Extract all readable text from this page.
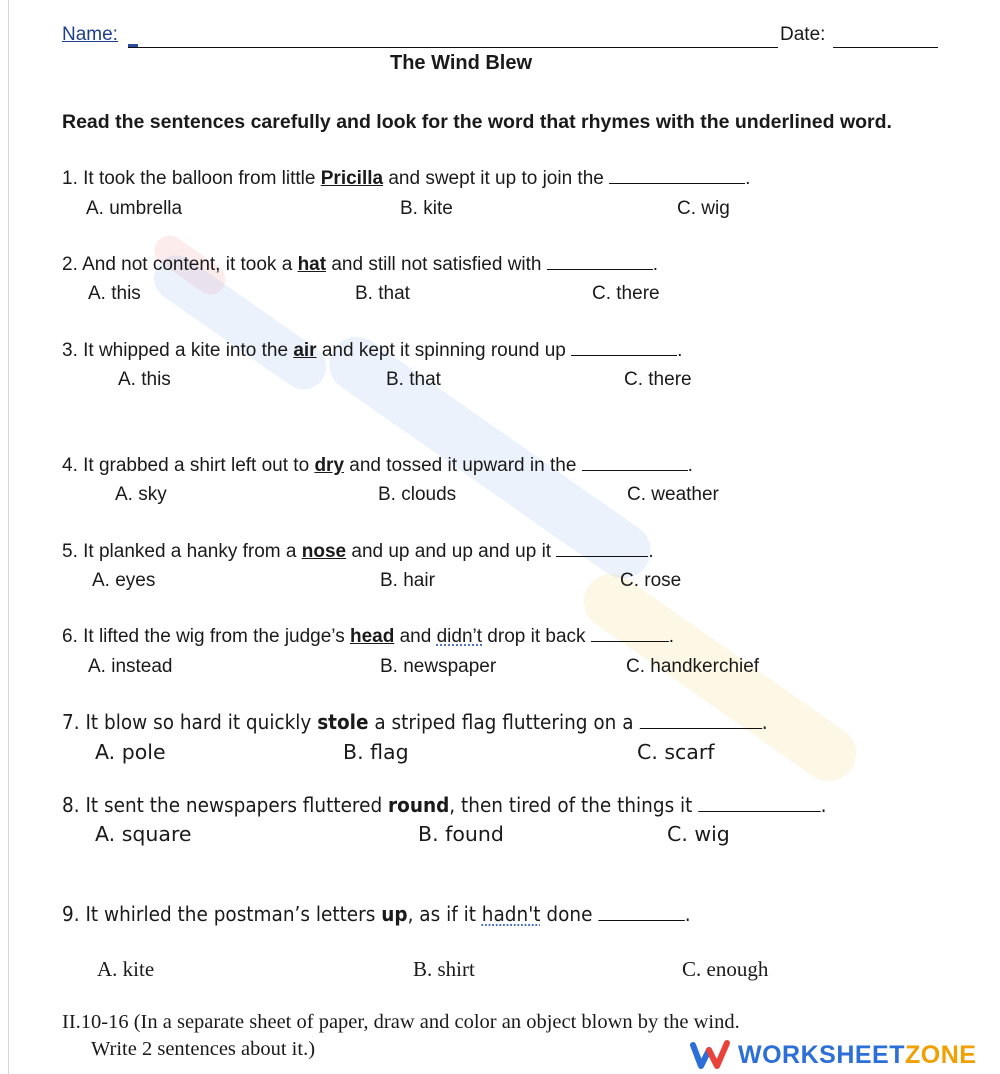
Name:	Date:
The Wind Blew
Read the sentences carefully and look for the word that rhymes with the underlined word.
1. It took the balloon from little Pricilla and swept it up to join the	.
A. umbrella	B. kite	C. wig
2. And not content, it took a hat and still not satisfied with	.
A. this	B. that	C. there
3. It whipped a kite into the air and kept it spinning round up	.
A. this	B. that	C. there
4. It grabbed a shirt left out to dry and tossed it upward in the	.
A. sky	B. clouds	C. weather
5. It planked a hanky from a nose and up and up and up it	.
A. eyes	B. hair	C. rose
6. It lifted the wig from the judge’s head and didn’t drop it back	.
A. instead	B. newspaper	C. handkerchief
7. It blow so hard it quickly stole a striped flag fluttering on a	.
A. pole	B. flag	C. scarf
8. It sent the newspapers fluttered round, then tired of the things it	.
A. square	B. found	C. wig
9. It whirled the postman’s letters up, as if it hadn't done	.
A. kite	B. shirt	C. enough
II.10-16 (In a separate sheet of paper, draw and color an object blown by the wind.
Write 2 sentences about it.)	WORKSHEETZONE
